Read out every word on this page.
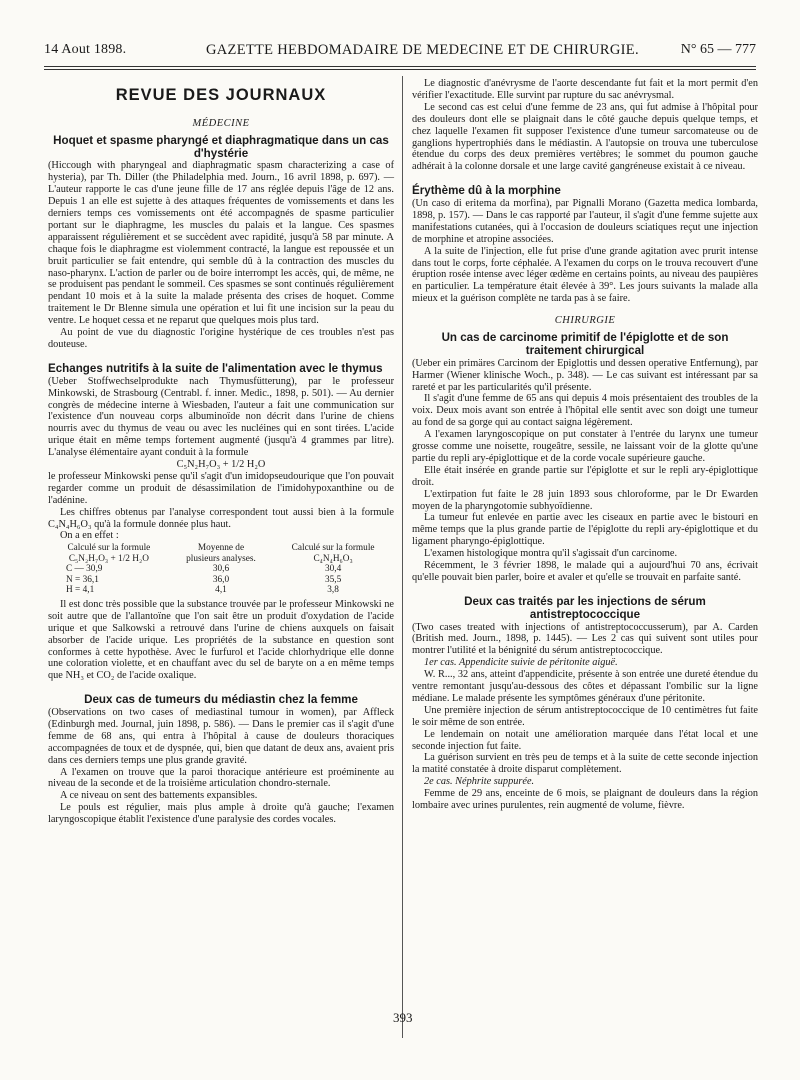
14 Aout 1898.	GAZETTE HEBDOMADAIRE DE MEDECINE ET DE CHIRURGIE.	N° 65 — 777
REVUE DES JOURNAUX
MÉDECINE
Hoquet et spasme pharyngé et diaphragmatique dans un cas d'hystérie

(Hiccough with pharyngeal and diaphragmatic spasm characterizing a case of hysteria), par Th. Diller (the Philadelphia med. Journ., 16 avril 1898, p. 697). — L'auteur rapporte le cas d'une jeune fille de 17 ans réglée depuis l'âge de 12 ans. Depuis 1 an elle est sujette à des attaques fréquentes de vomissements et dans les derniers temps ces vomissements ont été accompagnés de spasme particulier portant sur le diaphragme, les muscles du palais et la langue. Ces spasmes apparaissent régulièrement et se succèdent avec rapidité, jusqu'à 58 par minute. A chaque fois le diaphragme est violemment contracté, la langue est repoussée et un bruit particulier se fait entendre, qui semble dû à la contraction des muscles du naso-pharynx. L'action de parler ou de boire interrompt les accès, qui, de même, ne se produisent pas pendant le sommeil. Ces spasmes se sont continués régulièrement pendant 10 mois et à la suite la malade présenta des crises de hoquet. Comme traitement le Dr Blenne simula une opération et lui fit une incision sur la peau du ventre. Le hoquet cessa et ne reparut que quelques mois plus tard.

Au point de vue du diagnostic l'origine hystérique de ces troubles n'est pas douteuse.

Echanges nutritifs à la suite de l'alimentation avec le thymus

(Ueber Stoffwechselprodukte nach Thymusfütterung), par le professeur Minkowski, de Strasbourg (Centrabl. f. inner. Medic., 1898, p. 501). — Au dernier congrès de médecine interne à Wiesbaden, l'auteur a fait une communication sur l'existence d'un nouveau corps albuminoïde non décrit dans l'urine de chiens nourris avec du thymus de veau ou avec les nucléines qui en sont tirées. L'acide urique était en même temps fortement augmenté (jusqu'à 4 grammes par litre). L'analyse élémentaire ayant conduit à la formule

C₅N₂H₇O₃ + 1/2 H₂O

le professeur Minkowski pense qu'il s'agit d'un imidopseudourique que l'on pouvait regarder comme un produit de désassimilation de l'imidohypoxanthine ou de l'adénine.

Les chiffres obtenus par l'analyse correspondent tout aussi bien à la formule C₄N₄H₆O₃ qu'à la formule donnée plus haut.

On a en effet :

Calculé sur la formule	Moyenne de	Calculé sur la formule
C₅N₂H₇O₃ + 1/2 H₂O	plusieurs analyses.	C₄N₄H₆O₃
C — 30,9	30,6	30,4
N = 36,1	36,0	35,5
H = 4,1	4,1	3,8

Il est donc très possible que la substance trouvée par le professeur Minkowski ne soit autre que de l'allantoïne que l'on sait être un produit d'oxydation de l'acide urique et que Salkowski a retrouvé dans l'urine de chiens auxquels on faisait absorber de l'acide urique. Les propriétés de la substance en question sont conformes à cette hypothèse. Avec le furfurol et l'acide chlorhydrique elle donne une coloration violette, et en chauffant avec du sel de baryte on a en même temps que NH₃ et CO₂ de l'acide oxalique.

Deux cas de tumeurs du médiastin chez la femme

(Observations on two cases of mediastinal tumour in women), par Affleck (Edinburgh med. Journal, juin 1898, p. 586). — Dans le premier cas il s'agit d'une femme de 68 ans, qui entra à l'hôpital à cause de douleurs thoraciques accompagnées de toux et de dyspnée, qui, bien que datant de deux ans, avaient pris dans ces derniers temps une plus grande gravité.

A l'examen on trouve que la paroi thoracique antérieure est proéminente au niveau de la seconde et de la troisième articulation chondro-sternale.

A ce niveau on sent des battements expansibles.

Le pouls est régulier, mais plus ample à droite qu'à gauche; l'examen laryngoscopique établit l'existence d'une paralysie des cordes vocales.

Le diagnostic d'anévrysme de l'aorte descendante fut fait et la mort permit d'en vérifier l'exactitude. Elle survint par rupture du sac anévrysmal.

Le second cas est celui d'une femme de 23 ans, qui fut admise à l'hôpital pour des douleurs dont elle se plaignait dans le côté gauche depuis quelque temps, et chez laquelle l'examen fit supposer l'existence d'une tumeur sarcomateuse ou de ganglions hypertrophiés dans le médiastin. A l'autopsie on trouva une tuberculose étendue du corps des deux premières vertèbres; le sommet du poumon gauche adhérait à la colonne dorsale et une large cavité gangréneuse existait à ce niveau.

Érythème dû à la morphine

(Un caso di eritema da morfina), par Pignalli Morano (Gazetta medica lombarda, 1898, p. 157). — Dans le cas rapporté par l'auteur, il s'agit d'une femme sujette aux manifestations cutanées, qui à l'occasion de douleurs sciatiques reçut une injection de morphine et atropine associées.

A la suite de l'injection, elle fut prise d'une grande agitation avec prurit intense dans tout le corps, forte céphalée. A l'examen du corps on le trouva recouvert d'une éruption rosée intense avec léger œdème en certains points, au niveau des paupières en particulier. La température était élevée à 39°. Les jours suivants la malade alla mieux et la guérison complète ne tarda pas à se faire.

CHIRURGIE
Un cas de carcinome primitif de l'épiglotte et de son traitement chirurgical

(Ueber ein primäres Carcinom der Epiglottis und dessen operative Entfernung), par Harmer (Wiener klinische Woch., p. 348). — Le cas suivant est intéressant par sa rareté et par les particularités qu'il présente.

Il s'agit d'une femme de 65 ans qui depuis 4 mois présentaient des troubles de la voix. Deux mois avant son entrée à l'hôpital elle sentit avec son doigt une tumeur au fond de sa gorge qui au contact saigna légèrement.

A l'examen laryngoscopique on put constater à l'entrée du larynx une tumeur grosse comme une noisette, rougeâtre, sessile, ne laissant voir de la glotte qu'une partie du repli ary-épiglottique et de la corde vocale supérieure gauche.

Elle était insérée en grande partie sur l'épiglotte et sur le repli ary-épiglottique droit.

L'extirpation fut faite le 28 juin 1893 sous chloroforme, par le Dr Ewarden moyen de la pharyngotomie subhyoïdienne.

La tumeur fut enlevée en partie avec les ciseaux en partie avec le bistouri en même temps que la plus grande partie de l'épiglotte du repli ary-épiglottique et du ligament pharyngo-épiglottique.

L'examen histologique montra qu'il s'agissait d'un carcinome.

Récemment, le 3 février 1898, le malade qui a aujourd'hui 70 ans, écrivait qu'elle pouvait bien parler, boire et avaler et qu'elle se trouvait en parfaite santé.

Deux cas traités par les injections de sérum antistreptococcique

(Two cases treated with injections of antistreptococcusserum), par A. Carden (British med. Journ., 1898, p. 1445). — Les 2 cas qui suivent sont utiles pour montrer l'utilité et la bénignité du sérum antistreptococcique.

1er cas. Appendicite suivie de péritonite aiguë.

W. R..., 32 ans, atteint d'appendicite, présente à son entrée une dureté étendue du ventre remontant jusqu'au-dessous des côtes et dépassant l'ombilic sur la ligne médiane. Le malade présente les symptômes généraux d'une péritonite.

Une première injection de sérum antistreptococcique de 10 centimètres fut faite le soir même de son entrée.

Le lendemain on notait une amélioration marquée dans l'état local et une seconde injection fut faite.

La guérison survient en très peu de temps et à la suite de cette seconde injection la matité constatée à droite disparut complètement.

2e cas. Néphrite suppurée.

Femme de 29 ans, enceinte de 6 mois, se plaignant de douleurs dans la région lombaire avec urines purulentes, rein augmenté de volume, fièvre.

393
